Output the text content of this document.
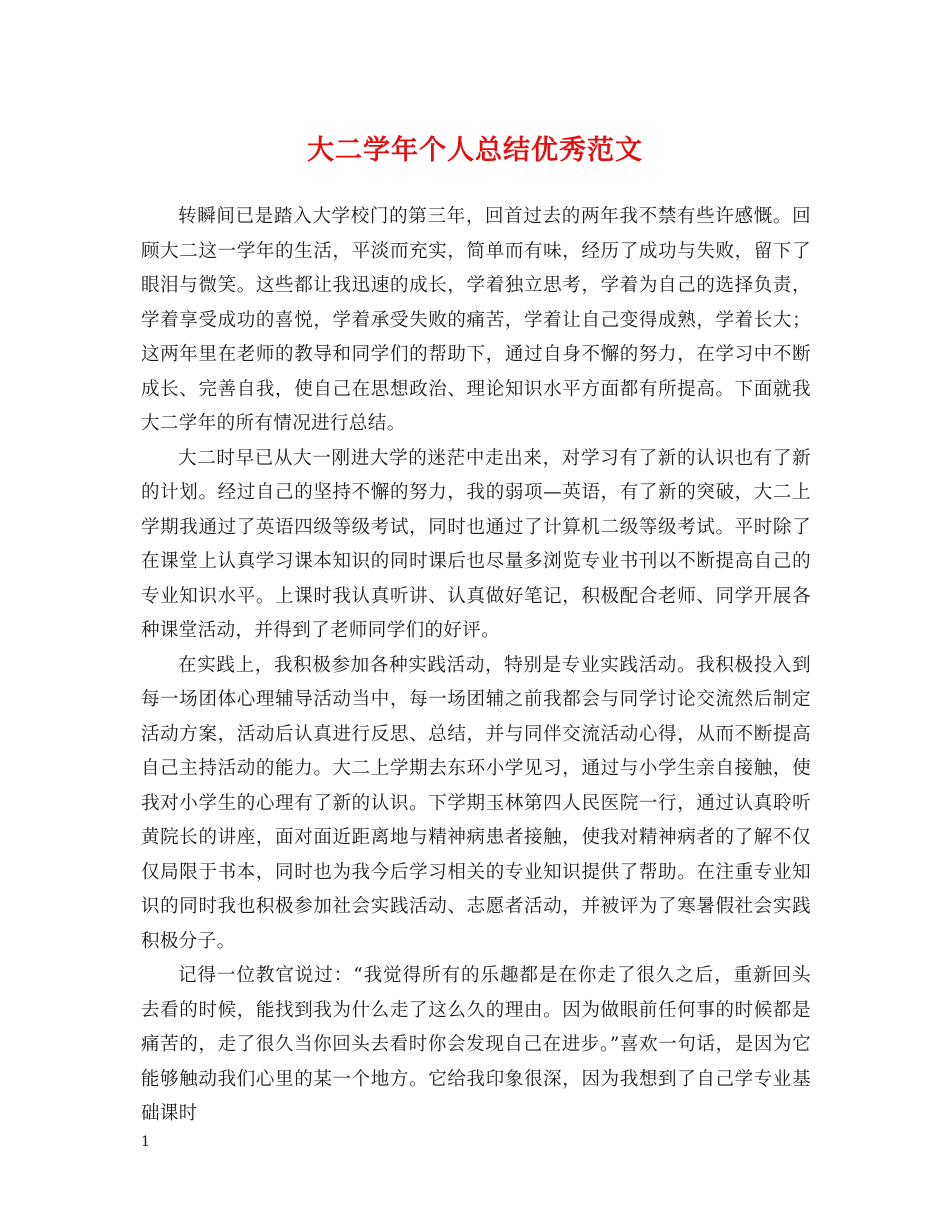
大二学年个人总结优秀范文

转瞬间已是踏入大学校门的第三年，回首过去的两年我不禁有些许感慨。回顾大二这一学年的生活，平淡而充实，简单而有味，经历了成功与失败，留下了眼泪与微笑。这些都让我迅速的成长，学着独立思考，学着为自己的选择负责，学着享受成功的喜悦，学着承受失败的痛苦，学着让自己变得成熟，学着长大；这两年里在老师的教导和同学们的帮助下，通过自身不懈的努力，在学习中不断成长、完善自我，使自己在思想政治、理论知识水平方面都有所提高。下面就我大二学年的所有情况进行总结。

大二时早已从大一刚进大学的迷茫中走出来，对学习有了新的认识也有了新的计划。经过自己的坚持不懈的努力，我的弱项—英语，有了新的突破，大二上学期我通过了英语四级等级考试，同时也通过了计算机二级等级考试。平时除了在课堂上认真学习课本知识的同时课后也尽量多浏览专业书刊以不断提高自己的专业知识水平。上课时我认真听讲、认真做好笔记，积极配合老师、同学开展各种课堂活动，并得到了老师同学们的好评。

在实践上，我积极参加各种实践活动，特别是专业实践活动。我积极投入到每一场团体心理辅导活动当中，每一场团辅之前我都会与同学讨论交流然后制定活动方案，活动后认真进行反思、总结，并与同伴交流活动心得，从而不断提高自己主持活动的能力。大二上学期去东环小学见习，通过与小学生亲自接触，使我对小学生的心理有了新的认识。下学期玉林第四人民医院一行，通过认真聆听黄院长的讲座，面对面近距离地与精神病患者接触，使我对精神病者的了解不仅仅局限于书本，同时也为我今后学习相关的专业知识提供了帮助。在注重专业知识的同时我也积极参加社会实践活动、志愿者活动，并被评为了寒暑假社会实践积极分子。

记得一位教官说过：“我觉得所有的乐趣都是在你走了很久之后，重新回头去看的时候，能找到我为什么走了这么久的理由。因为做眼前任何事的时候都是痛苦的，走了很久当你回头去看时你会发现自己在进步。”喜欢一句话，是因为它能够触动我们心里的某一个地方。它给我印象很深，因为我想到了自己学专业基础课时

1
